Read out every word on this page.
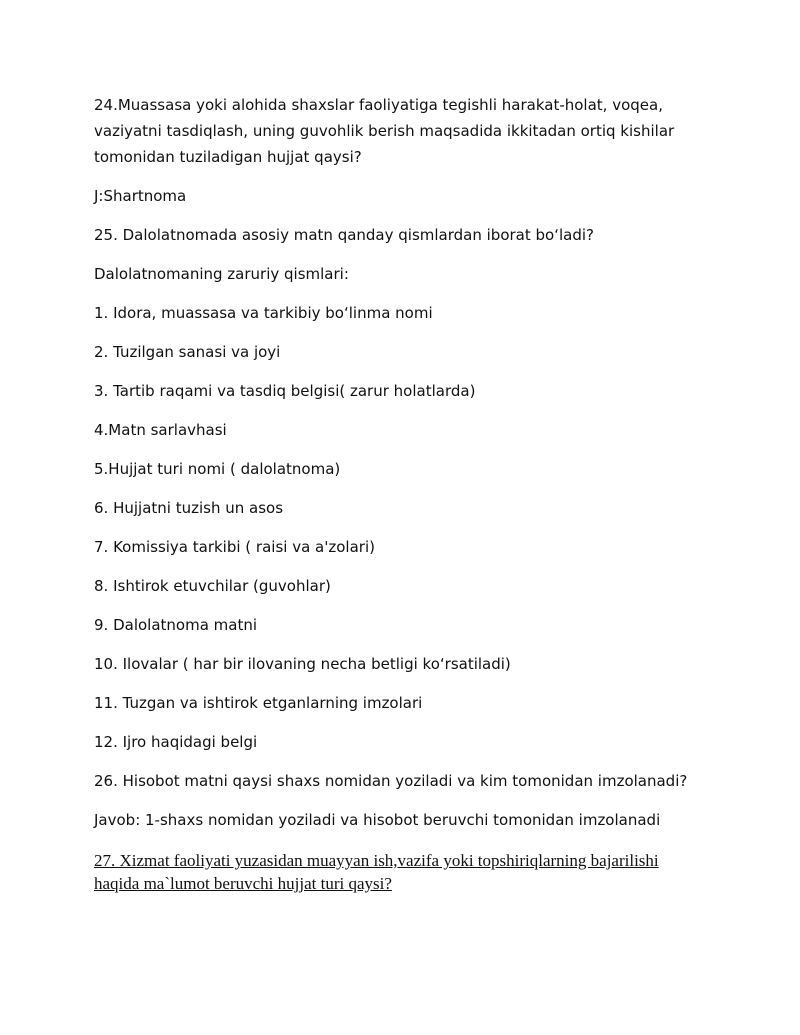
24.Muassasa yoki alohida shaxslar faoliyatiga tegishli harakat-holat, voqea,
vaziyatni tasdiqlash, uning guvohlik berish maqsadida ikkitadan ortiq kishilar
tomonidan tuziladigan hujjat qaysi?

J:Shartnoma

25. Dalolatnomada asosiy matn qanday qismlardan iborat bo‘ladi?

Dalolatnomaning zaruriy qismlari:

1. Idora, muassasa va tarkibiy bo‘linma nomi

2. Tuzilgan sanasi va joyi

3. Tartib raqami va tasdiq belgisi( zarur holatlarda)

4.Matn sarlavhasi

5.Hujjat turi nomi ( dalolatnoma)

6. Hujjatni tuzish un asos

7. Komissiya tarkibi ( raisi va a'zolari)

8. Ishtirok etuvchilar (guvohlar)

9. Dalolatnoma matni

10. Ilovalar ( har bir ilovaning necha betligi ko‘rsatiladi)

11. Tuzgan va ishtirok etganlarning imzolari

12. Ijro haqidagi belgi

26. Hisobot matni qaysi shaxs nomidan yoziladi va kim tomonidan imzolanadi?

Javob: 1-shaxs nomidan yoziladi va hisobot beruvchi tomonidan imzolanadi

27. Xizmat faoliyati yuzasidan muayyan ish,vazifa yoki topshiriqlarning bajarilishi
haqida ma`lumot beruvchi hujjat turi qaysi?
